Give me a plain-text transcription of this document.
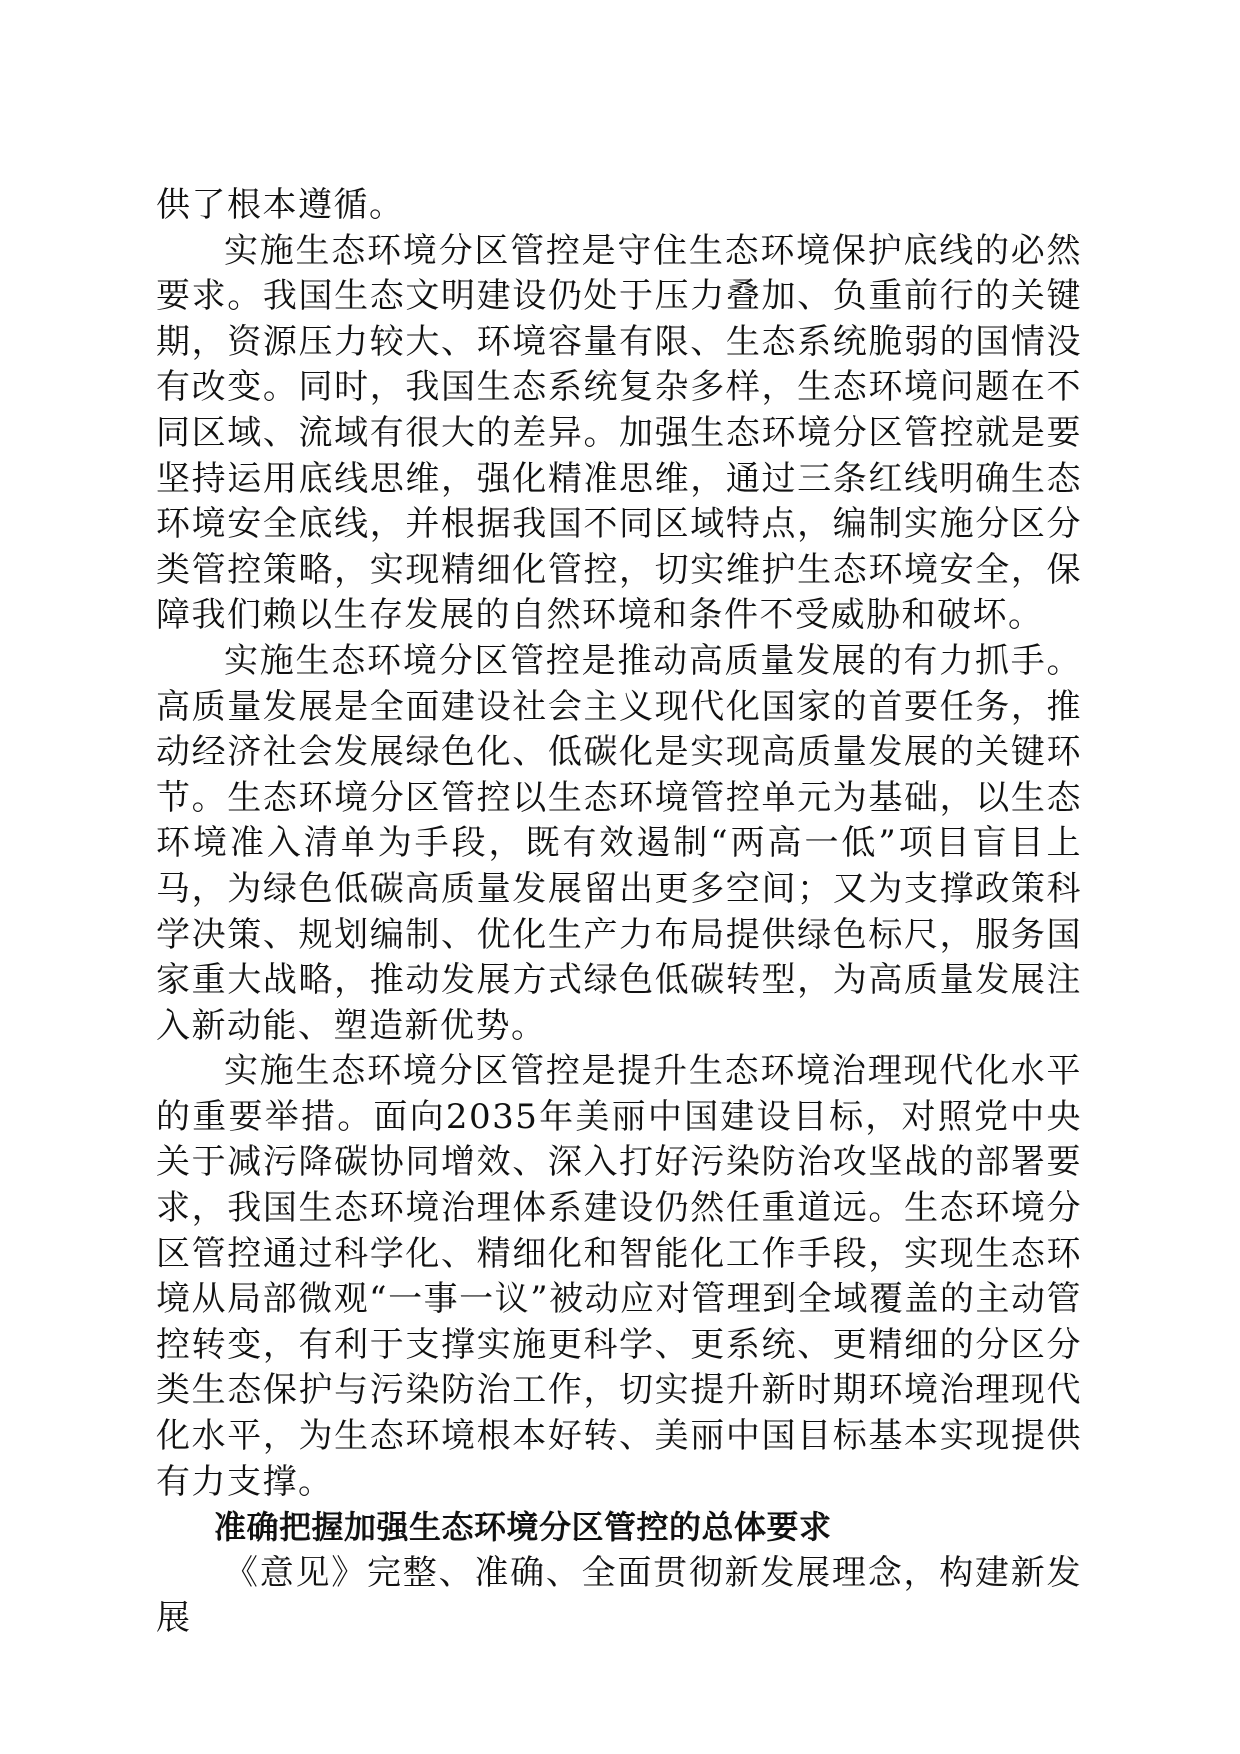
供了根本遵循。

实施生态环境分区管控是守住生态环境保护底线的必然要求。我国生态文明建设仍处于压力叠加、负重前行的关键期，资源压力较大、环境容量有限、生态系统脆弱的国情没有改变。同时，我国生态系统复杂多样，生态环境问题在不同区域、流域有很大的差异。加强生态环境分区管控就是要坚持运用底线思维，强化精准思维，通过三条红线明确生态环境安全底线，并根据我国不同区域特点，编制实施分区分类管控策略，实现精细化管控，切实维护生态环境安全，保障我们赖以生存发展的自然环境和条件不受威胁和破坏。

实施生态环境分区管控是推动高质量发展的有力抓手。高质量发展是全面建设社会主义现代化国家的首要任务，推动经济社会发展绿色化、低碳化是实现高质量发展的关键环节。生态环境分区管控以生态环境管控单元为基础，以生态环境准入清单为手段，既有效遏制“两高一低”项目盲目上马，为绿色低碳高质量发展留出更多空间；又为支撑政策科学决策、规划编制、优化生产力布局提供绿色标尺，服务国家重大战略，推动发展方式绿色低碳转型，为高质量发展注入新动能、塑造新优势。

实施生态环境分区管控是提升生态环境治理现代化水平的重要举措。面向2035年美丽中国建设目标，对照党中央关于减污降碳协同增效、深入打好污染防治攻坚战的部署要求，我国生态环境治理体系建设仍然任重道远。生态环境分区管控通过科学化、精细化和智能化工作手段，实现生态环境从局部微观“一事一议”被动应对管理到全域覆盖的主动管控转变，有利于支撑实施更科学、更系统、更精细的分区分类生态保护与污染防治工作，切实提升新时期环境治理现代化水平，为生态环境根本好转、美丽中国目标基本实现提供有力支撑。

准确把握加强生态环境分区管控的总体要求

《意见》完整、准确、全面贯彻新发展理念，构建新发展
